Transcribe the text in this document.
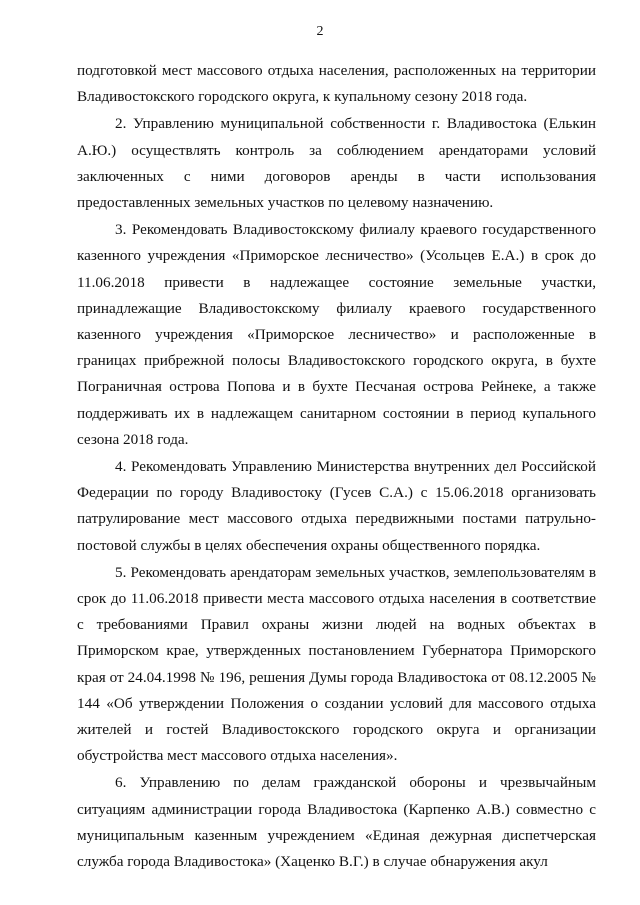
2

подготовкой мест массового отдыха населения, расположенных на территории Владивостокского городского округа, к купальному сезону 2018 года.

2. Управлению муниципальной собственности г. Владивостока (Елькин А.Ю.) осуществлять контроль за соблюдением арендаторами условий заключенных с ними договоров аренды в части использования предоставленных земельных участков по целевому назначению.

3. Рекомендовать Владивостокскому филиалу краевого государственного казенного учреждения «Приморское лесничество» (Усольцев Е.А.) в срок до 11.06.2018 привести в надлежащее состояние земельные участки, принадлежащие Владивостокскому филиалу краевого государственного казенного учреждения «Приморское лесничество» и расположенные в границах прибрежной полосы Владивостокского городского округа, в бухте Пограничная острова Попова и в бухте Песчаная острова Рейнеке, а также поддерживать их в надлежащем санитарном состоянии в период купального сезона 2018 года.

4. Рекомендовать Управлению Министерства внутренних дел Российской Федерации по городу Владивостоку (Гусев С.А.) с 15.06.2018 организовать патрулирование мест массового отдыха передвижными постами патрульно-постовой службы в целях обеспечения охраны общественного порядка.

5. Рекомендовать арендаторам земельных участков, землепользователям в срок до 11.06.2018 привести места массового отдыха населения в соответствие с требованиями Правил охраны жизни людей на водных объектах в Приморском крае, утвержденных постановлением Губернатора Приморского края от 24.04.1998 № 196, решения Думы города Владивостока от 08.12.2005 № 144 «Об утверждении Положения о создании условий для массового отдыха жителей и гостей Владивостокского городского округа и организации обустройства мест массового отдыха населения».

6. Управлению по делам гражданской обороны и чрезвычайным ситуациям администрации города Владивостока (Карпенко А.В.) совместно с муниципальным казенным учреждением «Единая дежурная диспетчерская служба города Владивостока» (Хаценко В.Г.) в случае обнаружения акул
